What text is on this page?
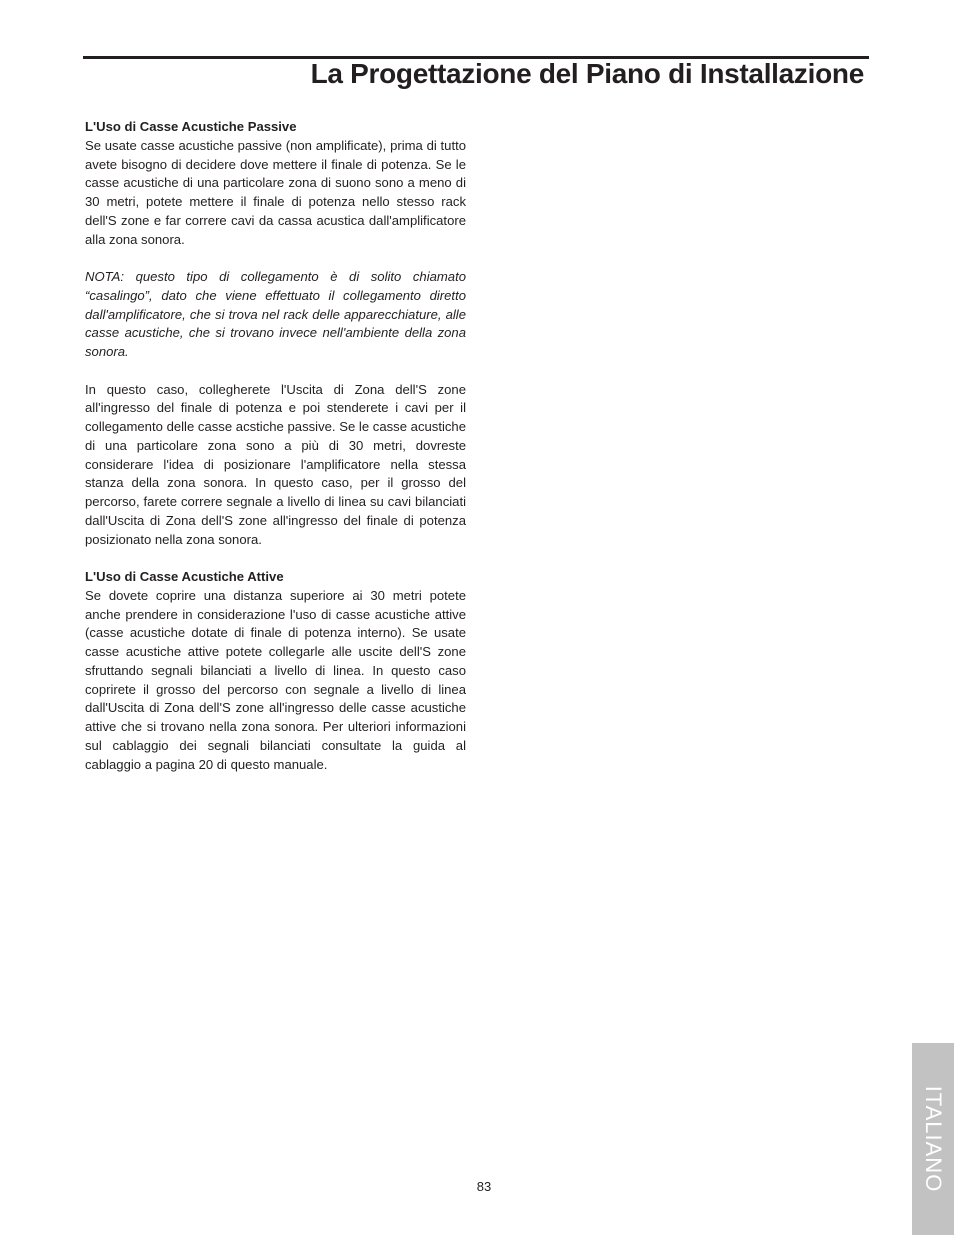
La Progettazione del Piano di Installazione
L'Uso di Casse Acustiche Passive

Se usate casse acustiche passive (non amplificate), prima di tutto avete bisogno di decidere dove mettere il finale di potenza. Se le casse acustiche di una particolare zona di suono sono a meno di 30 metri, potete mettere il finale di potenza nello stesso rack dell'S zone e far correre cavi da cassa acustica dall'amplificatore alla zona sonora.

NOTA: questo tipo di collegamento è di solito chiamato “casalingo”, dato che viene effettuato il collegamento diretto dall'amplificatore, che si trova nel rack delle apparecchiature, alle casse acustiche, che si trovano invece nell'ambiente della zona sonora.

In questo caso, collegherete l'Uscita di Zona dell'S zone all'ingresso del finale di potenza e poi stenderete i cavi per il collegamento delle casse acstiche passive. Se le casse acustiche di una particolare zona sono a più di 30 metri, dovreste considerare l'idea di posizionare l'amplificatore nella stessa stanza della zona sonora. In questo caso, per il grosso del percorso, farete correre segnale a livello di linea su cavi bilanciati dall'Uscita di Zona dell'S zone all'ingresso del finale di potenza posizionato nella zona sonora.

L'Uso di Casse Acustiche Attive

Se dovete coprire una distanza superiore ai 30 metri potete anche prendere in considerazione l'uso di casse acustiche attive (casse acustiche dotate di finale di potenza interno). Se usate casse acustiche attive potete collegarle alle uscite dell'S zone sfruttando segnali bilanciati a livello di linea. In questo caso coprirete il grosso del percorso con segnale a livello di linea dall'Uscita di Zona dell'S zone all'ingresso delle casse acustiche attive che si trovano nella zona sonora. Per ulteriori informazioni sul cablaggio dei segnali bilanciati consultate la guida al cablaggio a pagina 20 di questo manuale.

ITALIANO
83
